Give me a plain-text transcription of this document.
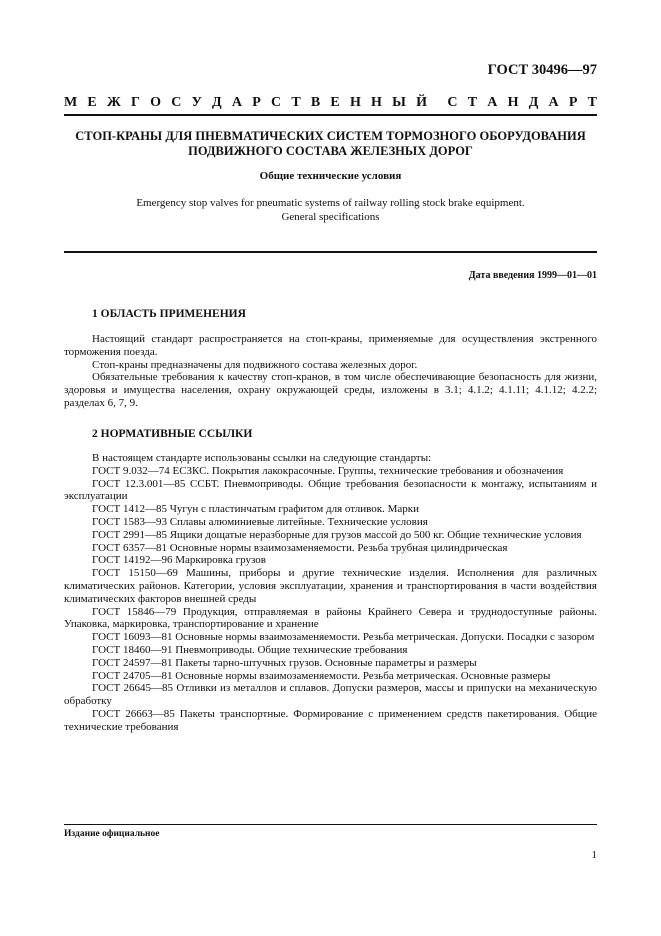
ГОСТ 30496—97
М Е Ж Г О С У Д А Р С Т В Е Н Н Ы Й С Т А Н Д А Р Т
СТОП-КРАНЫ ДЛЯ ПНЕВМАТИЧЕСКИХ СИСТЕМ ТОРМОЗНОГО ОБОРУДОВАНИЯ
ПОДВИЖНОГО СОСТАВА ЖЕЛЕЗНЫХ ДОРОГ
Общие технические условия
Emergency stop valves for pneumatic systems of railway rolling stock brake equipment.
General specifications
Дата введения 1999—01—01
1 ОБЛАСТЬ ПРИМЕНЕНИЯ

Настоящий стандарт распространяется на стоп-краны, применяемые для осуществления экстренного торможения поезда.

Стоп-краны предназначены для подвижного состава железных дорог.

Обязательные требования к качеству стоп-кранов, в том числе обеспечивающие безопасность для жизни, здоровья и имущества населения, охрану окружающей среды, изложены в 3.1; 4.1.2; 4.1.11; 4.1.12; 4.2.2; разделах 6, 7, 9.

2 НОРМАТИВНЫЕ ССЫЛКИ

В настоящем стандарте использованы ссылки на следующие стандарты:

ГОСТ 9.032—74 ЕСЗКС. Покрытия лакокрасочные. Группы, технические требования и обозначения

ГОСТ 12.3.001—85 ССБТ. Пневмоприводы. Общие требования безопасности к монтажу, испытаниям и эксплуатации

ГОСТ 1412—85 Чугун с пластинчатым графитом для отливок. Марки

ГОСТ 1583—93 Сплавы алюминиевые литейные. Технические условия

ГОСТ 2991—85 Ящики дощатые неразборные для грузов массой до 500 кг. Общие технические условия

ГОСТ 6357—81 Основные нормы взаимозаменяемости. Резьба трубная цилиндрическая

ГОСТ 14192—96 Маркировка грузов

ГОСТ 15150—69 Машины, приборы и другие технические изделия. Исполнения для различных климатических районов. Категории, условия эксплуатации, хранения и транспортирования в части воздействия климатических факторов внешней среды

ГОСТ 15846—79 Продукция, отправляемая в районы Крайнего Севера и труднодоступные районы. Упаковка, маркировка, транспортирование и хранение

ГОСТ 16093—81 Основные нормы взаимозаменяемости. Резьба метрическая. Допуски. Посадки с зазором

ГОСТ 18460—91 Пневмоприводы. Общие технические требования

ГОСТ 24597—81 Пакеты тарно-штучных грузов. Основные параметры и размеры

ГОСТ 24705—81 Основные нормы взаимозаменяемости. Резьба метрическая. Основные размеры

ГОСТ 26645—85 Отливки из металлов и сплавов. Допуски размеров, массы и припуски на механическую обработку

ГОСТ 26663—85 Пакеты транспортные. Формирование с применением средств пакетирования. Общие технические требования

Издание официальное
1
